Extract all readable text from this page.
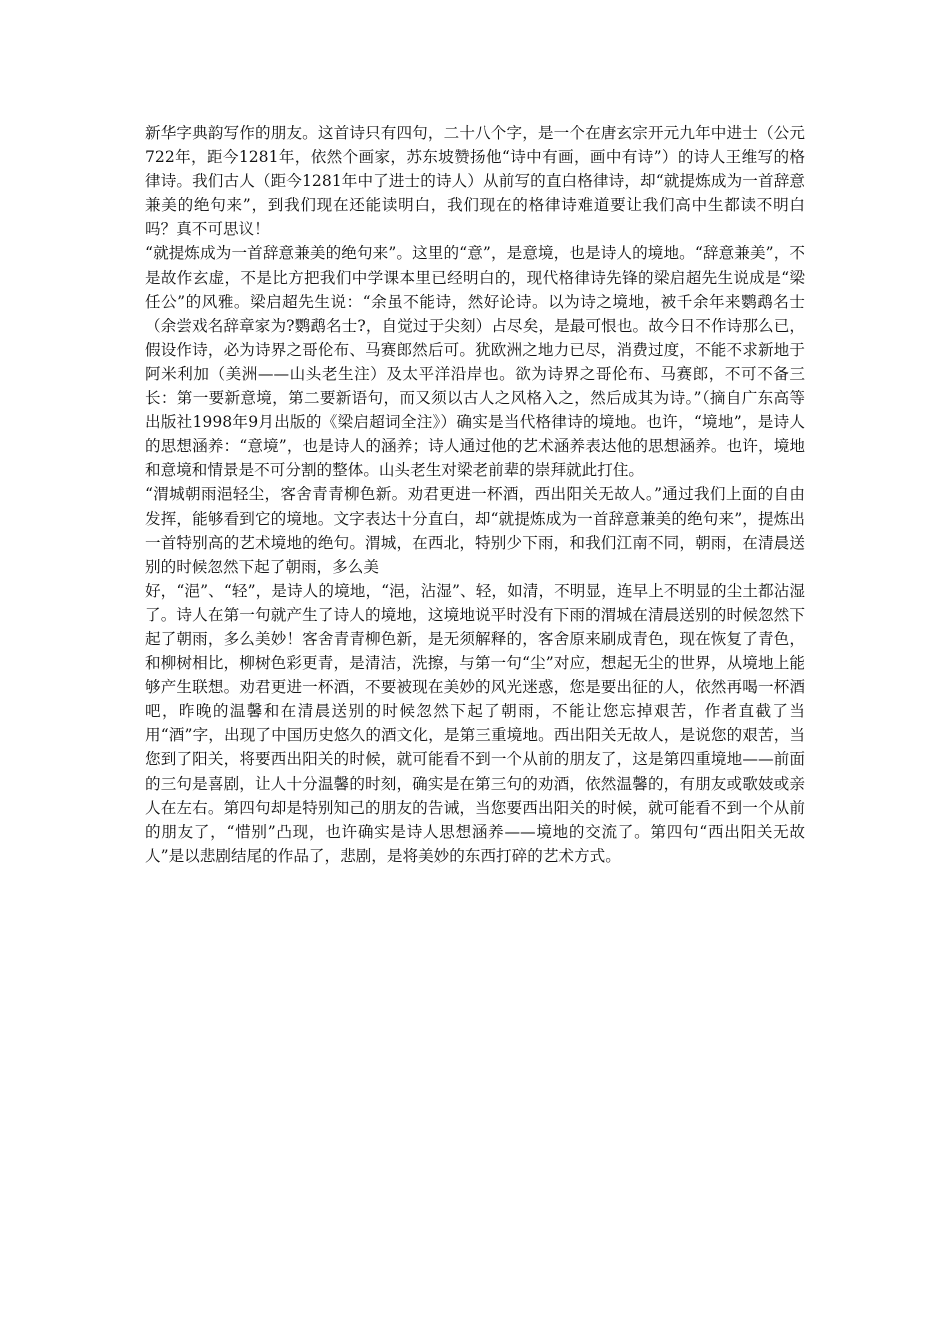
新华字典韵写作的朋友。这首诗只有四句，二十八个字，是一个在唐玄宗开元九年中进士（公元722年，距今1281年，依然个画家，苏东坡赞扬他“诗中有画，画中有诗”）的诗人王维写的格律诗。我们古人（距今1281年中了进士的诗人）从前写的直白格律诗，却“就提炼成为一首辞意兼美的绝句来”，到我们现在还能读明白，我们现在的格律诗难道要让我们高中生都读不明白吗？真不可思议！

“就提炼成为一首辞意兼美的绝句来”。这里的“意”，是意境，也是诗人的境地。“辞意兼美”，不是故作玄虚，不是比方把我们中学课本里已经明白的，现代格律诗先锋的梁启超先生说成是“梁任公”的风雅。梁启超先生说：“余虽不能诗，然好论诗。以为诗之境地，被千余年来鹦鹉名士（余尝戏名辞章家为?鹦鹉名士?，自觉过于尖刻）占尽矣，是最可恨也。故今日不作诗那么已，假设作诗，必为诗界之哥伦布、马赛郎然后可。犹欧洲之地力已尽，消费过度，不能不求新地于阿米利加（美洲——山头老生注）及太平洋沿岸也。欲为诗界之哥伦布、马赛郎，不可不备三长：第一要新意境，第二要新语句，而又须以古人之风格入之，然后成其为诗。”（摘自广东高等出版社1998年9月出版的《梁启超词全注》）确实是当代格律诗的境地。也许，“境地”，是诗人的思想涵养：“意境”，也是诗人的涵养；诗人通过他的艺术涵养表达他的思想涵养。也许，境地和意境和情景是不可分割的整体。山头老生对梁老前辈的崇拜就此打住。

“渭城朝雨浥轻尘，客舍青青柳色新。劝君更进一杯酒，西出阳关无故人。”通过我们上面的自由发挥，能够看到它的境地。文字表达十分直白，却“就提炼成为一首辞意兼美的绝句来”，提炼出一首特别高的艺术境地的绝句。渭城，在西北，特别少下雨，和我们江南不同，朝雨，在清晨送别的时候忽然下起了朝雨，多么美

好，“浥”、“轻”，是诗人的境地，“浥，沾湿”、轻，如清，不明显，连早上不明显的尘土都沾湿了。诗人在第一句就产生了诗人的境地，这境地说平时没有下雨的渭城在清晨送别的时候忽然下起了朝雨，多么美妙！客舍青青柳色新，是无须解释的，客舍原来刷成青色，现在恢复了青色，和柳树相比，柳树色彩更青，是清洁，洗擦，与第一句“尘”对应，想起无尘的世界，从境地上能够产生联想。劝君更进一杯酒，不要被现在美妙的风光迷惑，您是要出征的人，依然再喝一杯酒吧，昨晚的温馨和在清晨送别的时候忽然下起了朝雨，不能让您忘掉艰苦，作者直截了当用“酒”字，出现了中国历史悠久的酒文化，是第三重境地。西出阳关无故人，是说您的艰苦，当您到了阳关，将要西出阳关的时候，就可能看不到一个从前的朋友了，这是第四重境地——前面的三句是喜剧，让人十分温馨的时刻，确实是在第三句的劝酒，依然温馨的，有朋友或歌妓或亲人在左右。第四句却是特别知己的朋友的告诫，当您要西出阳关的时候，就可能看不到一个从前的朋友了，“惜别”凸现，也许确实是诗人思想涵养——境地的交流了。第四句“西出阳关无故人”是以悲剧结尾的作品了，悲剧，是将美妙的东西打碎的艺术方式。
